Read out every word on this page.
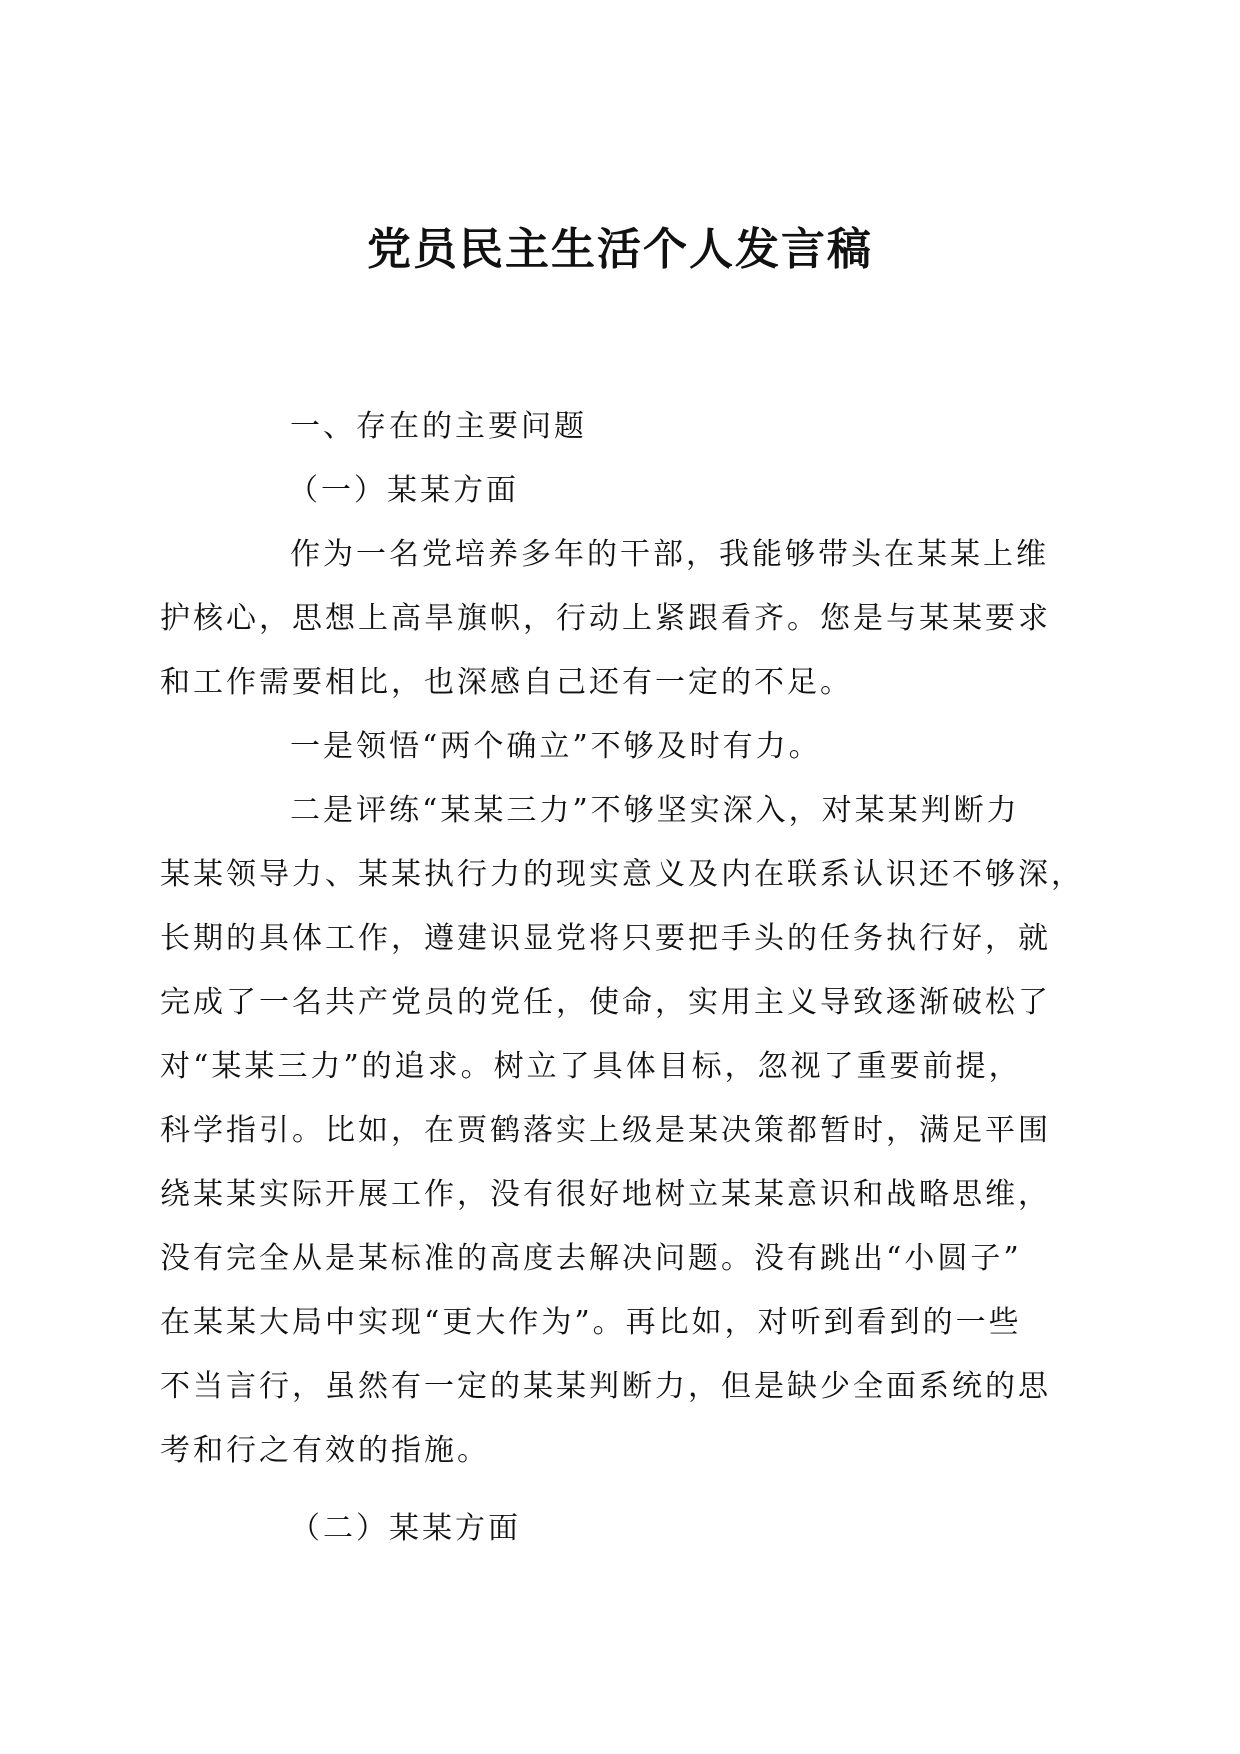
党员民主生活个人发言稿

一、存在的主要问题

（一）某某方面

作为一名党培养多年的干部，我能够带头在某某上维

护核心，思想上高旱旗帜，行动上紧跟看齐。您是与某某要求

和工作需要相比，也深感自己还有一定的不足。

一是领悟“两个确立”不够及时有力。

二是评练“某某三力”不够坚实深入，对某某判断力

某某领导力、某某执行力的现实意义及内在联系认识还不够深，

长期的具体工作，遵建识显党将只要把手头的任务执行好，就

完成了一名共产党员的党任，使命，实用主义导致逐渐破松了

对“某某三力”的追求。树立了具体目标，忽视了重要前提，

科学指引。比如，在贾鹤落实上级是某决策都暂时，满足平围

绕某某实际开展工作，没有很好地树立某某意识和战略思维，

没有完全从是某标准的高度去解决问题。没有跳出“小圆子”

在某某大局中实现“更大作为”。再比如，对听到看到的一些

不当言行，虽然有一定的某某判断力，但是缺少全面系统的思

考和行之有效的指施。

（二）某某方面
